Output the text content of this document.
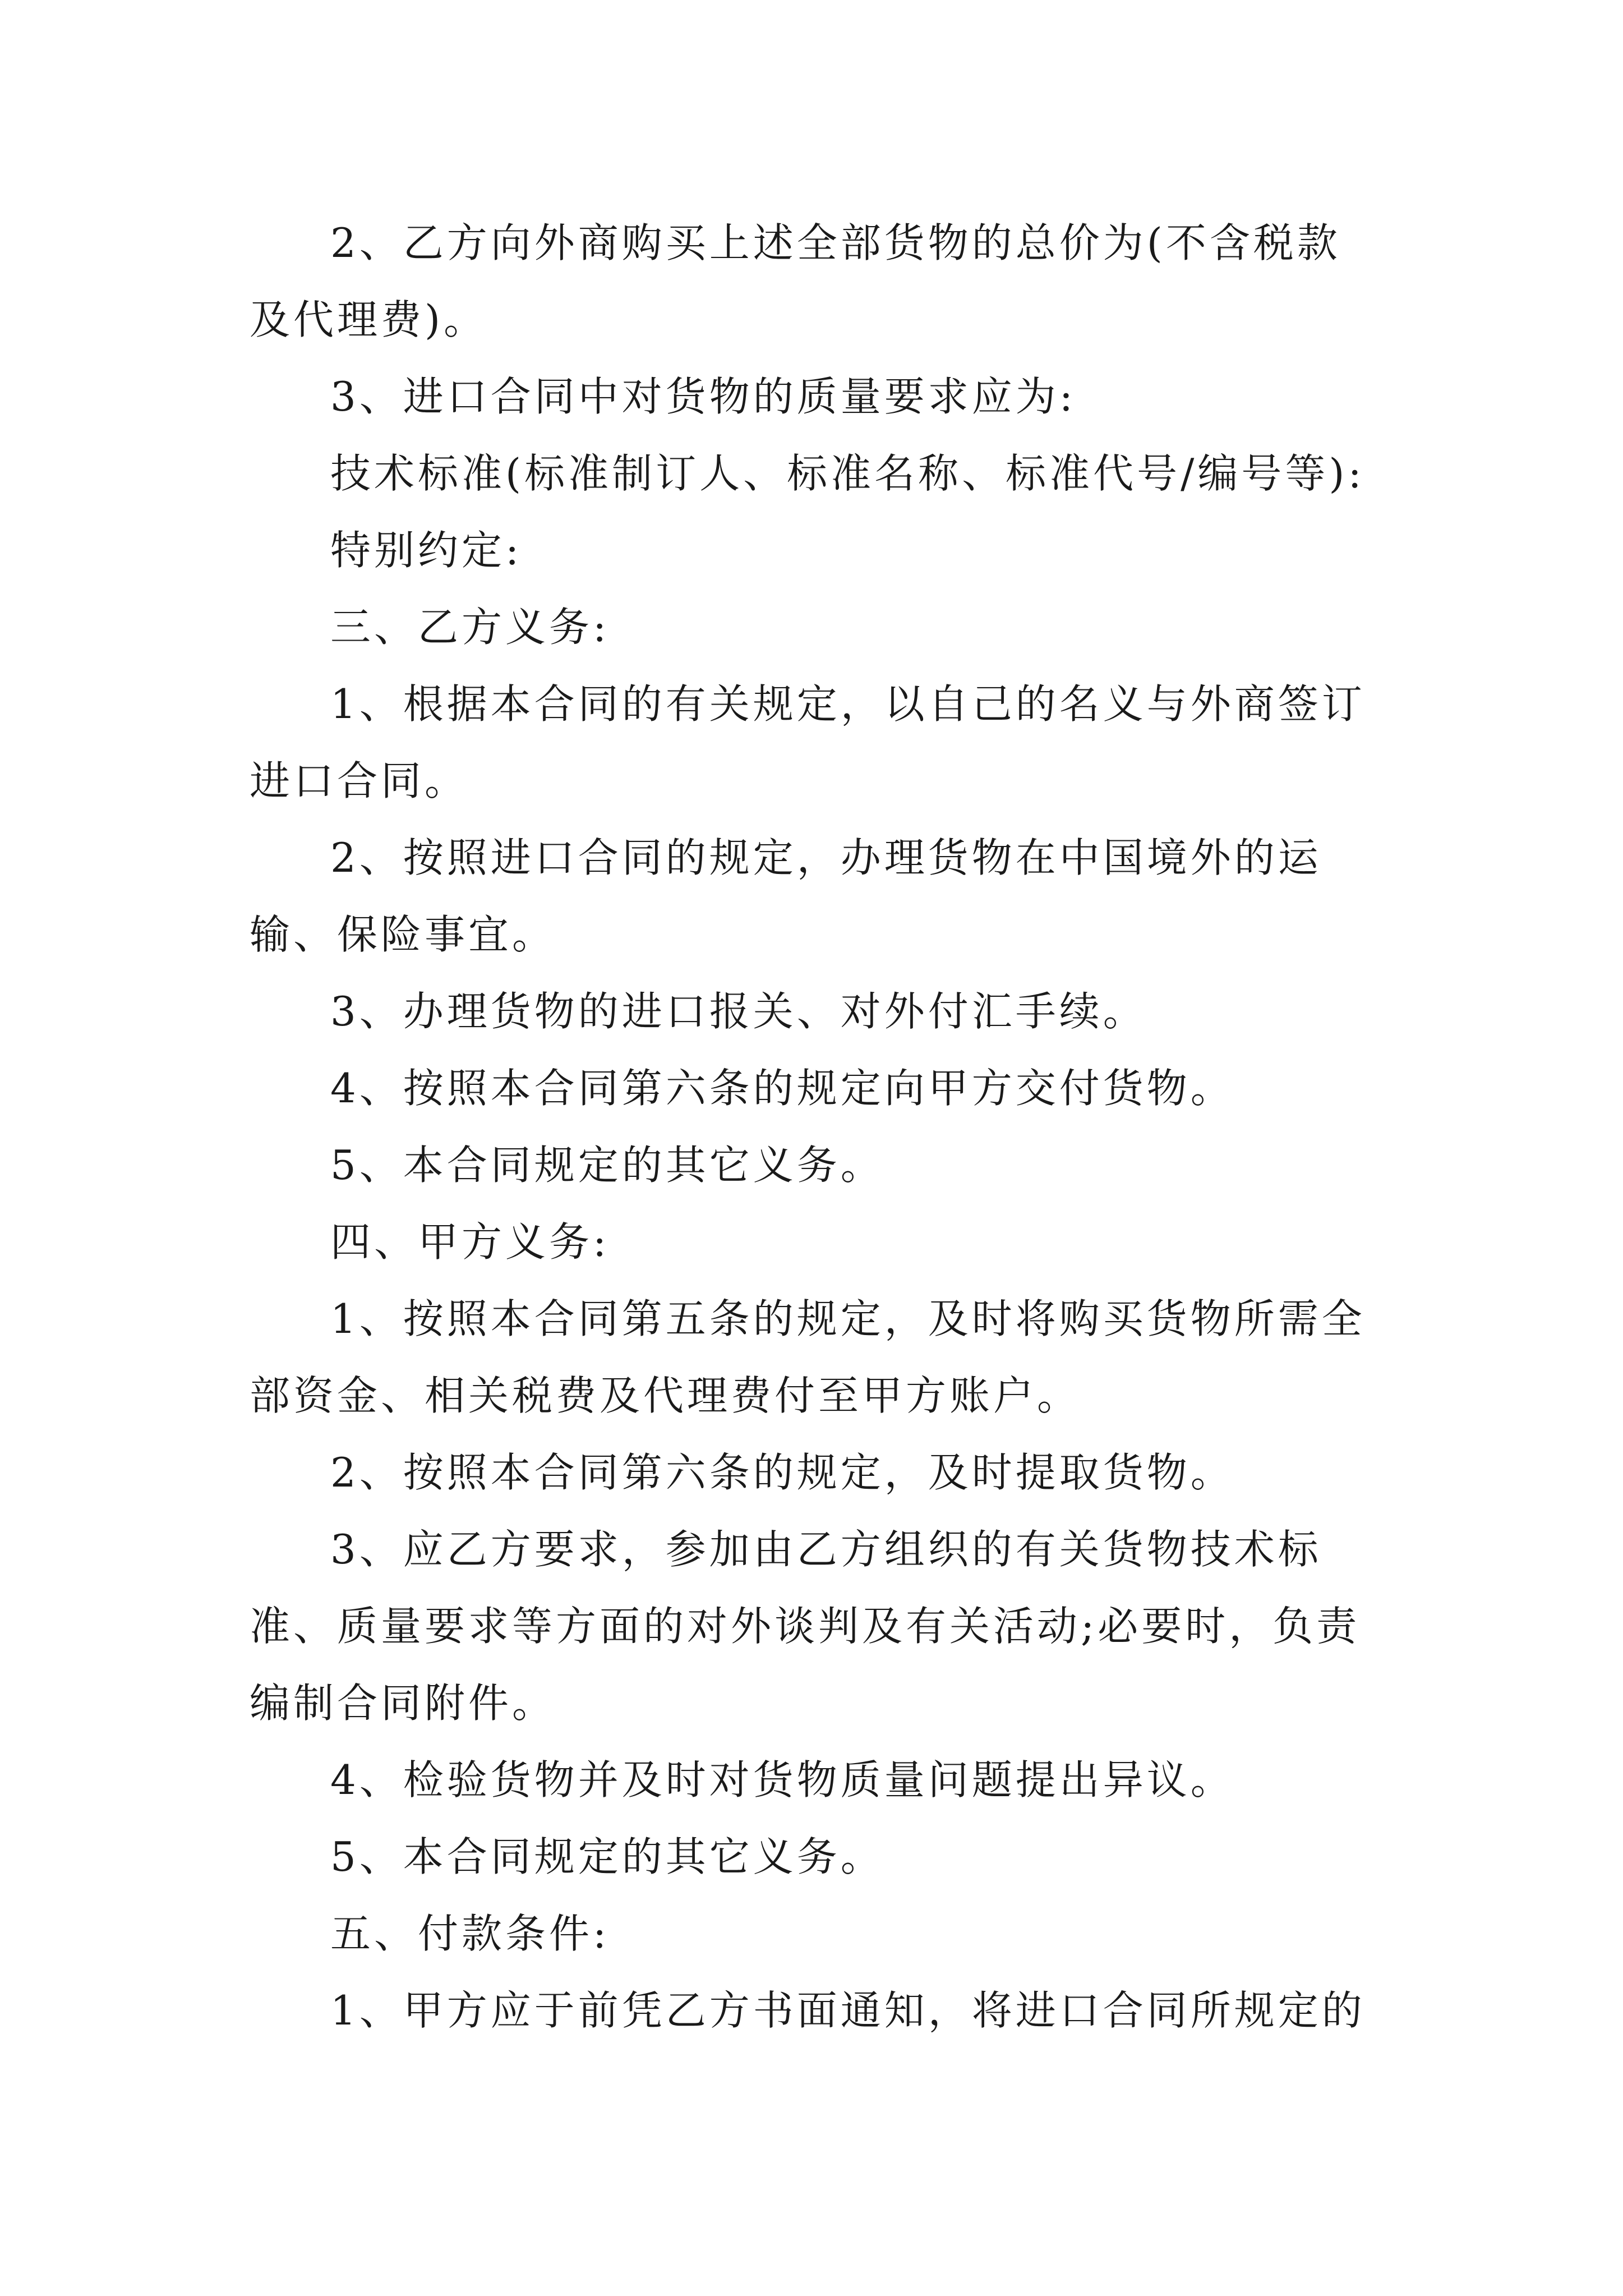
2、乙方向外商购买上述全部货物的总价为(不含税款及代理费)。

3、进口合同中对货物的质量要求应为:

技术标准(标准制订人、标准名称、标准代号/编号等):

特别约定:

三、乙方义务:

1、根据本合同的有关规定，以自己的名义与外商签订进口合同。

2、按照进口合同的规定，办理货物在中国境外的运输、保险事宜。

3、办理货物的进口报关、对外付汇手续。

4、按照本合同第六条的规定向甲方交付货物。

5、本合同规定的其它义务。

四、甲方义务:

1、按照本合同第五条的规定，及时将购买货物所需全部资金、相关税费及代理费付至甲方账户。

2、按照本合同第六条的规定，及时提取货物。

3、应乙方要求，参加由乙方组织的有关货物技术标准、质量要求等方面的对外谈判及有关活动;必要时，负责编制合同附件。

4、检验货物并及时对货物质量问题提出异议。

5、本合同规定的其它义务。

五、付款条件:

1、甲方应于前凭乙方书面通知，将进口合同所规定的
